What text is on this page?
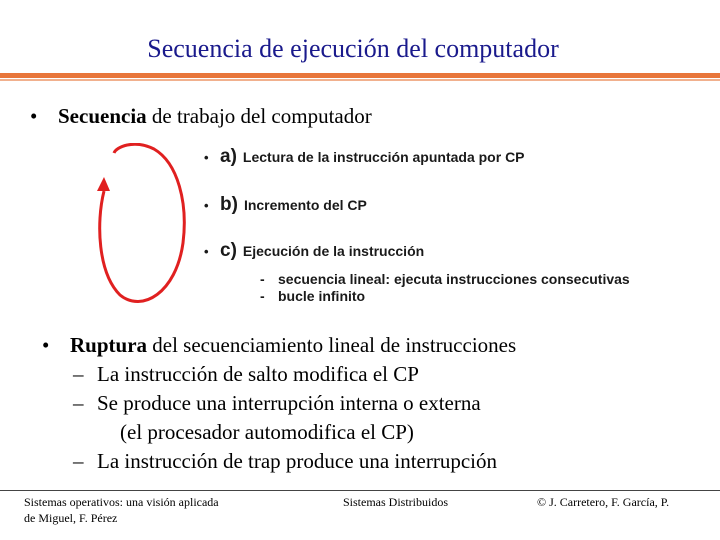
Secuencia de ejecución del computador
• Secuencia de trabajo del computador
• a) Lectura de la instrucción apuntada por CP
• b) Incremento del CP
• c) Ejecución de la instrucción
- secuencia lineal: ejecuta instrucciones consecutivas
- bucle infinito
• Ruptura del secuenciamiento lineal de instrucciones
– La instrucción de salto modifica el CP
– Se produce una interrupción interna o externa
(el procesador automodifica el CP)
– La instrucción de trap produce una interrupción
Sistemas operativos: una visión aplicada
de Miguel, F. Pérez
Sistemas Distribuidos	© J. Carretero, F. García, P.
